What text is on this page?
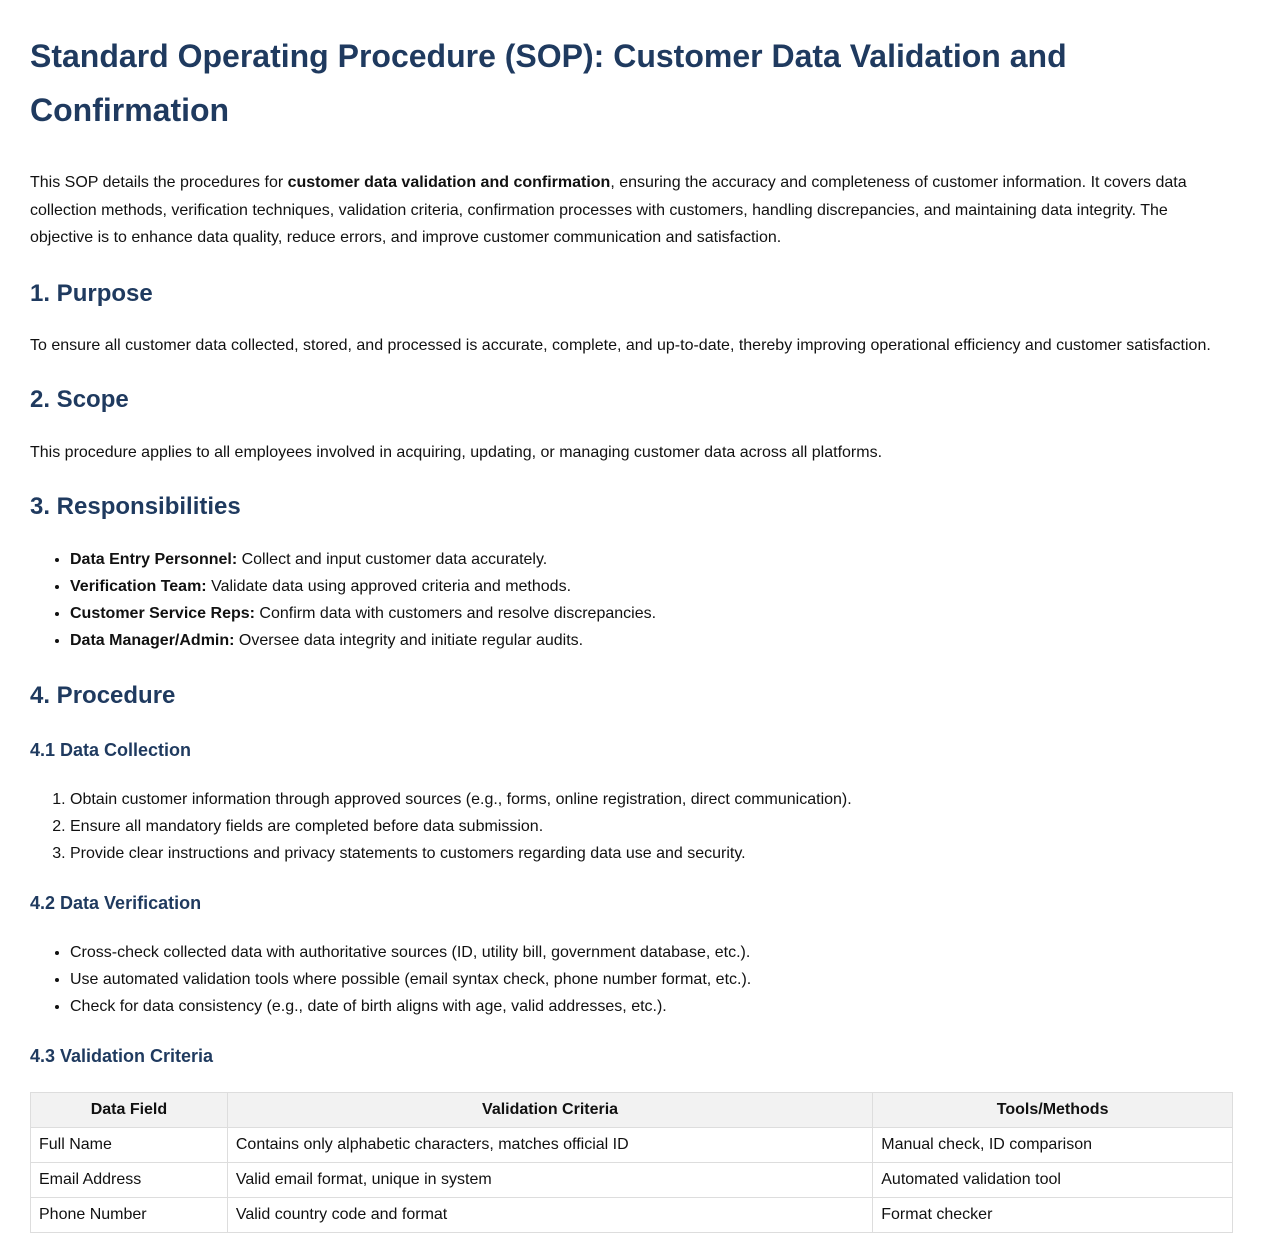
Standard Operating Procedure (SOP): Customer Data Validation and Confirmation

This SOP details the procedures for customer data validation and confirmation, ensuring the accuracy and completeness of customer information. It covers data collection methods, verification techniques, validation criteria, confirmation processes with customers, handling discrepancies, and maintaining data integrity. The objective is to enhance data quality, reduce errors, and improve customer communication and satisfaction.

1. Purpose

To ensure all customer data collected, stored, and processed is accurate, complete, and up-to-date, thereby improving operational efficiency and customer satisfaction.

2. Scope

This procedure applies to all employees involved in acquiring, updating, or managing customer data across all platforms.

3. Responsibilities
• Data Entry Personnel: Collect and input customer data accurately.
• Verification Team: Validate data using approved criteria and methods.
• Customer Service Reps: Confirm data with customers and resolve discrepancies.
• Data Manager/Admin: Oversee data integrity and initiate regular audits.
4. Procedure
4.1 Data Collection
1. Obtain customer information through approved sources (e.g., forms, online registration, direct communication).
2. Ensure all mandatory fields are completed before data submission.
3. Provide clear instructions and privacy statements to customers regarding data use and security.
4.2 Data Verification
• Cross-check collected data with authoritative sources (ID, utility bill, government database, etc.).
• Use automated validation tools where possible (email syntax check, phone number format, etc.).
• Check for data consistency (e.g., date of birth aligns with age, valid addresses, etc.).
4.3 Validation Criteria
Data Field	Validation Criteria	Tools/Methods
Full Name	Contains only alphabetic characters, matches official ID	Manual check, ID comparison
Email Address	Valid email format, unique in system	Automated validation tool
Phone Number	Valid country code and format	Format checker
